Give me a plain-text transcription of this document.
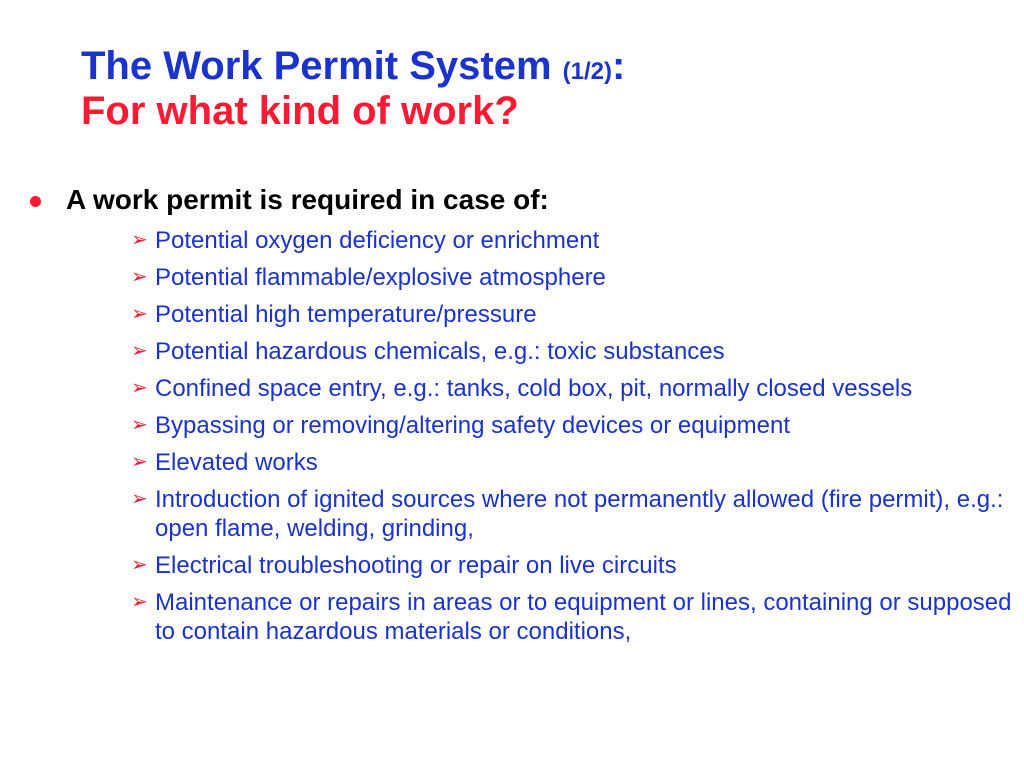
The Work Permit System (1/2):
For what kind of work?
A work permit is required in case of:
➢ Potential oxygen deficiency or enrichment
➢ Potential flammable/explosive atmosphere
➢ Potential high temperature/pressure
➢ Potential hazardous chemicals, e.g.: toxic substances
➢ Confined space entry, e.g.: tanks, cold box, pit, normally closed vessels
➢ Bypassing or removing/altering safety devices or equipment
➢ Elevated works
➢ Introduction of ignited sources where not permanently allowed (fire permit), e.g.: open flame, welding, grinding,
➢ Electrical troubleshooting or repair on live circuits
➢ Maintenance or repairs in areas or to equipment or lines, containing or supposed to contain hazardous materials or conditions,
